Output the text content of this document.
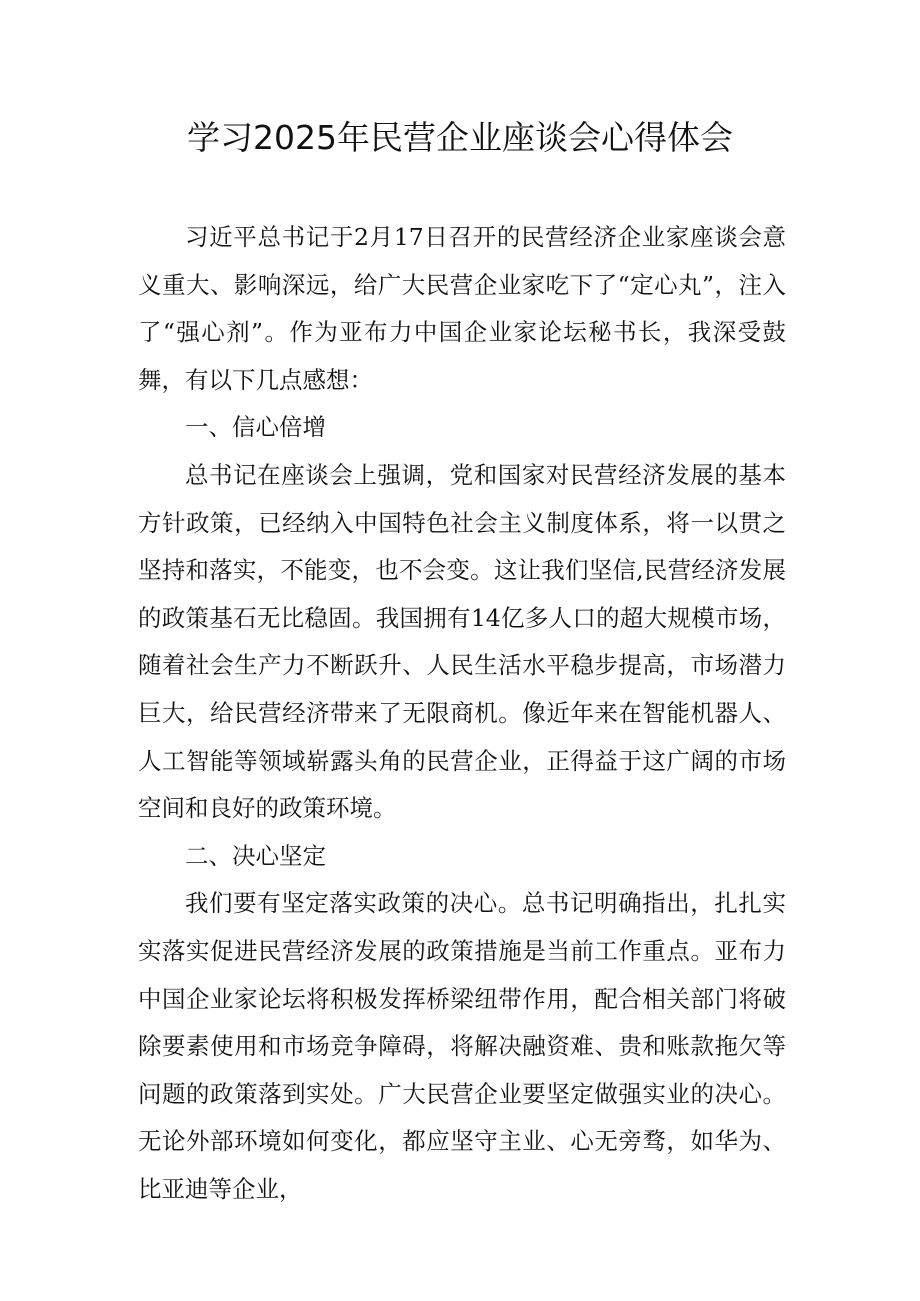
学习2025年民营企业座谈会心得体会

习近平总书记于2月17日召开的民营经济企业家座谈会意义重大、影响深远，给广大民营企业家吃下了“定心丸”，注入了“强心剂”。作为亚布力中国企业家论坛秘书长，我深受鼓舞，有以下几点感想：

一、信心倍增

总书记在座谈会上强调，党和国家对民营经济发展的基本方针政策，已经纳入中国特色社会主义制度体系，将一以贯之坚持和落实，不能变，也不会变。这让我们坚信,民营经济发展的政策基石无比稳固。我国拥有14亿多人口的超大规模市场，随着社会生产力不断跃升、人民生活水平稳步提高，市场潜力巨大，给民营经济带来了无限商机。像近年来在智能机器人、人工智能等领域崭露头角的民营企业，正得益于这广阔的市场空间和良好的政策环境。

二、决心坚定

我们要有坚定落实政策的决心。总书记明确指出，扎扎实实落实促进民营经济发展的政策措施是当前工作重点。亚布力中国企业家论坛将积极发挥桥梁纽带作用，配合相关部门将破除要素使用和市场竞争障碍，将解决融资难、贵和账款拖欠等问题的政策落到实处。广大民营企业要坚定做强实业的决心。无论外部环境如何变化，都应坚守主业、心无旁骛，如华为、比亚迪等企业，
